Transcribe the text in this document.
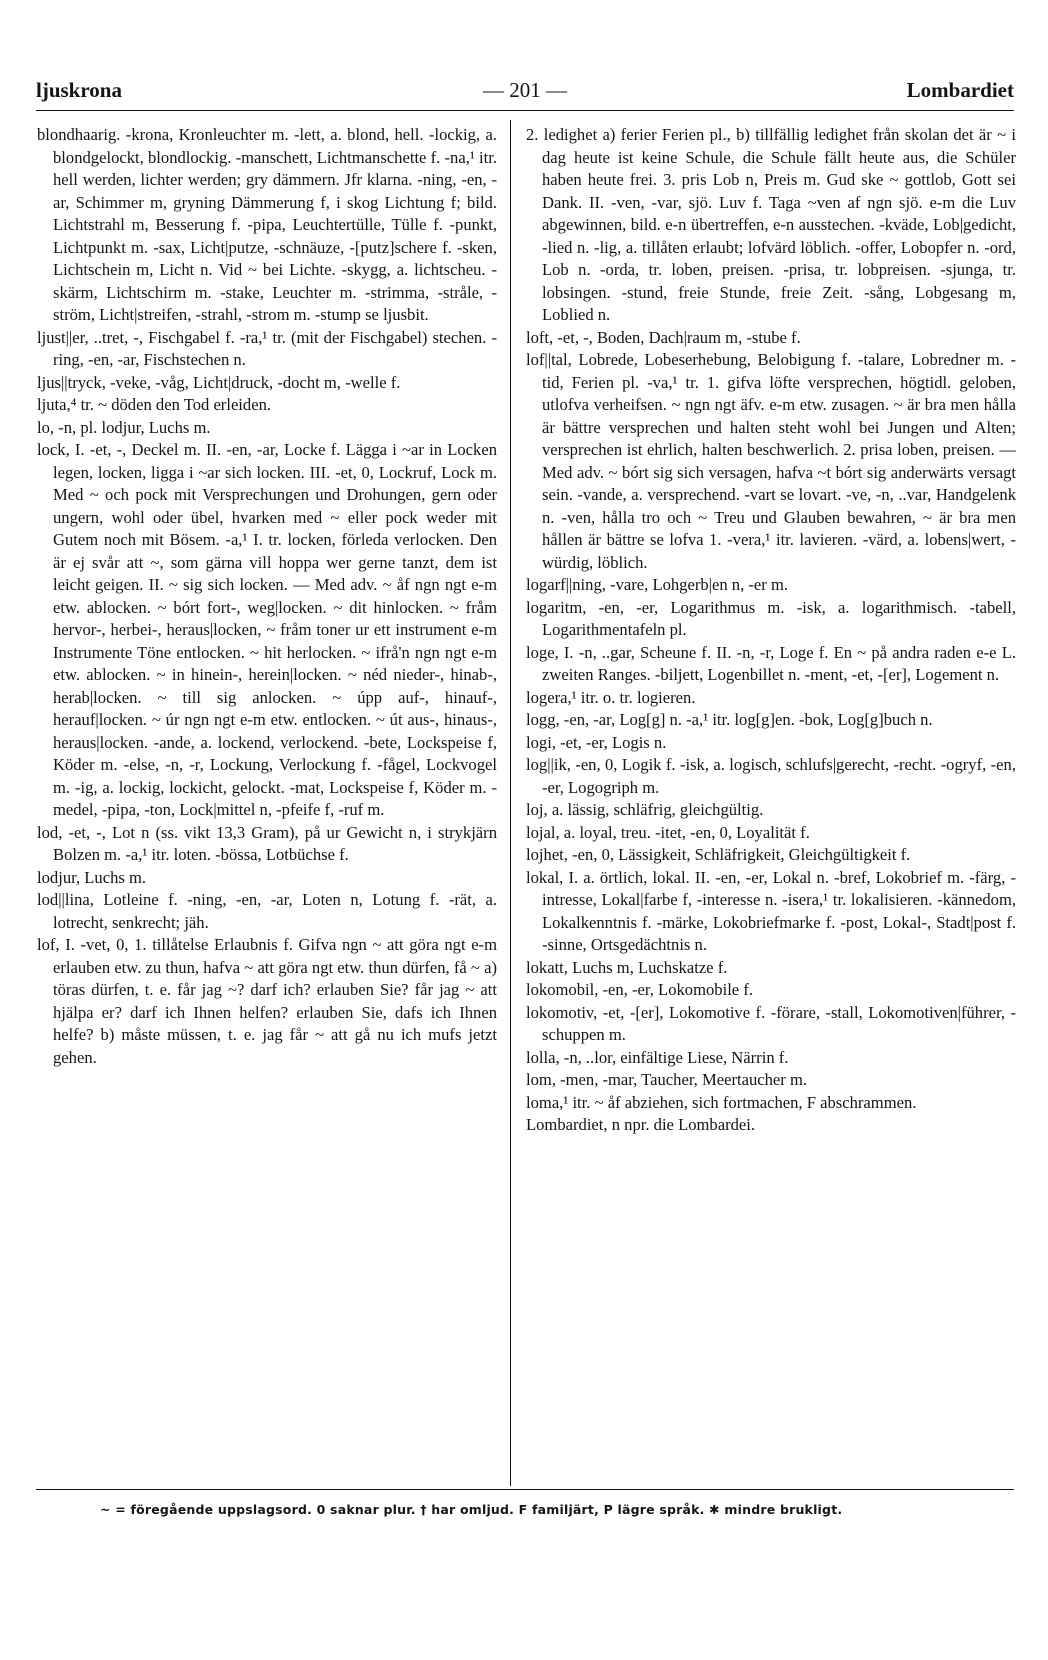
ljuskrona	— 201 —	Lombardiet

blondhaarig. -krona, Kronleuchter m. -lett, a. blond, hell. -lockig, a. blondgelockt, blondlockig. -manschett, Lichtmanschette f. -na,¹ itr. hell werden, lichter werden; gry dämmern. Jfr klarna. -ning, -en, -ar, Schimmer m, gryning Dämmerung f, i skog Lichtung f; bild. Lichtstrahl m, Besserung f. -pipa, Leuchtertülle, Tülle f. -punkt, Lichtpunkt m. -sax, Licht|putze, -schnäuze, -[putz]schere f. -sken, Lichtschein m, Licht n. Vid ~ bei Lichte. -skygg, a. lichtscheu. -skärm, Lichtschirm m. -stake, Leuchter m. -strimma, -stråle, -ström, Licht|streifen, -strahl, -strom m. -stump se ljusbit.

ljust||er, ..tret, -, Fischgabel f. -ra,¹ tr. (mit der Fischgabel) stechen. -ring, -en, -ar, Fischstechen n.

ljus||tryck, -veke, -våg, Licht|druck, -docht m, -welle f.

ljuta,⁴ tr. ~ döden den Tod erleiden.

lo, -n, pl. lodjur, Luchs m.

lock, I. -et, -, Deckel m. II. -en, -ar, Locke f. Lägga i ~ar in Locken legen, locken, ligga i ~ar sich locken. III. -et, 0, Lockruf, Lock m. Med ~ och pock mit Versprechungen und Drohungen, gern oder ungern, wohl oder übel, hvarken med ~ eller pock weder mit Gutem noch mit Bösem. -a,¹ I. tr. locken, förleda verlocken. Den är ej svår att ~, som gärna vill hoppa wer gerne tanzt, dem ist leicht geigen. II. ~ sig sich locken. — Med adv. ~ åf ngn ngt e-m etw. ablocken. ~ bórt fort-, weg|locken. ~ dit hinlocken. ~ fråm hervor-, herbei-, heraus|locken, ~ fråm toner ur ett instrument e-m Instrumente Töne entlocken. ~ hit herlocken. ~ ifrå'n ngn ngt e-m etw. ablocken. ~ in hinein-, herein|locken. ~ néd nieder-, hinab-, herab|locken. ~ till sig anlocken. ~ úpp auf-, hinauf-, herauf|locken. ~ úr ngn ngt e-m etw. entlocken. ~ út aus-, hinaus-, heraus|locken. -ande, a. lockend, verlockend. -bete, Lockspeise f, Köder m. -else, -n, -r, Lockung, Verlockung f. -fågel, Lockvogel m. -ig, a. lockig, lockicht, gelockt. -mat, Lockspeise f, Köder m. -medel, -pipa, -ton, Lock|mittel n, -pfeife f, -ruf m.

lod, -et, -, Lot n (ss. vikt 13,3 Gram), på ur Gewicht n, i strykjärn Bolzen m. -a,¹ itr. loten. -bössa, Lotbüchse f.

lodjur, Luchs m.

lod||lina, Lotleine f. -ning, -en, -ar, Loten n, Lotung f. -rät, a. lotrecht, senkrecht; jäh.

lof, I. -vet, 0, 1. tillåtelse Erlaubnis f. Gifva ngn ~ att göra ngt e-m erlauben etw. zu thun, hafva ~ att göra ngt etw. thun dürfen, få ~ a) töras dürfen, t. e. får jag ~? darf ich? erlauben Sie? får jag ~ att hjälpa er? darf ich Ihnen helfen? erlauben Sie, dafs ich Ihnen helfe? b) måste müssen, t. e. jag får ~ att gå nu ich mufs jetzt gehen.

2. ledighet a) ferier Ferien pl., b) tillfällig ledighet från skolan det är ~ i dag heute ist keine Schule, die Schule fällt heute aus, die Schüler haben heute frei. 3. pris Lob n, Preis m. Gud ske ~ gottlob, Gott sei Dank. II. -ven, -var, sjö. Luv f. Taga ~ven af ngn sjö. e-m die Luv abgewinnen, bild. e-n übertreffen, e-n ausstechen. -kväde, Lob|gedicht, -lied n. -lig, a. tillåten erlaubt; lofvärd löblich. -offer, Lobopfer n. -ord, Lob n. -orda, tr. loben, preisen. -prisa, tr. lobpreisen. -sjunga, tr. lobsingen. -stund, freie Stunde, freie Zeit. -sång, Lobgesang m, Loblied n.

loft, -et, -, Boden, Dach|raum m, -stube f.

lof||tal, Lobrede, Lobeserhebung, Belobigung f. -talare, Lobredner m. -tid, Ferien pl. -va,¹ tr. 1. gifva löfte versprechen, högtidl. geloben, utlofva verheifsen. ~ ngn ngt äfv. e-m etw. zusagen. ~ är bra men hålla är bättre versprechen und halten steht wohl bei Jungen und Alten; versprechen ist ehrlich, halten beschwerlich. 2. prisa loben, preisen. — Med adv. ~ bórt sig sich versagen, hafva ~t bórt sig anderwärts versagt sein. -vande, a. versprechend. -vart se lovart. -ve, -n, ..var, Handgelenk n. -ven, hålla tro och ~ Treu und Glauben bewahren, ~ är bra men hållen är bättre se lofva 1. -vera,¹ itr. lavieren. -värd, a. lobens|wert, -würdig, löblich.

logarf||ning, -vare, Lohgerb|en n, -er m.

logaritm, -en, -er, Logarithmus m. -isk, a. logarithmisch. -tabell, Logarithmentafeln pl.

loge, I. -n, ..gar, Scheune f. II. -n, -r, Loge f. En ~ på andra raden e-e L. zweiten Ranges. -biljett, Logenbillet n. -ment, -et, -[er], Logement n.

logera,¹ itr. o. tr. logieren.

logg, -en, -ar, Log[g] n. -a,¹ itr. log[g]en. -bok, Log[g]buch n.

logi, -et, -er, Logis n.

log||ik, -en, 0, Logik f. -isk, a. logisch, schlufs|gerecht, -recht. -ogryf, -en, -er, Logogriph m.

loj, a. lässig, schläfrig, gleichgültig.

lojal, a. loyal, treu. -itet, -en, 0, Loyalität f.

lojhet, -en, 0, Lässigkeit, Schläfrigkeit, Gleichgültigkeit f.

lokal, I. a. örtlich, lokal. II. -en, -er, Lokal n. -bref, Lokobrief m. -färg, -intresse, Lokal|farbe f, -interesse n. -isera,¹ tr. lokalisieren. -kännedom, Lokalkenntnis f. -märke, Lokobriefmarke f. -post, Lokal-, Stadt|post f. -sinne, Ortsgedächtnis n.

lokatt, Luchs m, Luchskatze f.

lokomobil, -en, -er, Lokomobile f.

lokomotiv, -et, -[er], Lokomotive f. -förare, -stall, Lokomotiven|führer, -schuppen m.

lolla, -n, ..lor, einfältige Liese, Närrin f.

lom, -men, -mar, Taucher, Meertaucher m.

loma,¹ itr. ~ åf abziehen, sich fortmachen, F abschrammen.

Lombardiet, n npr. die Lombardei.

~ = föregående uppslagsord. 0 saknar plur. † har omljud. F familjärt, P lägre språk. ✱ mindre brukligt.
